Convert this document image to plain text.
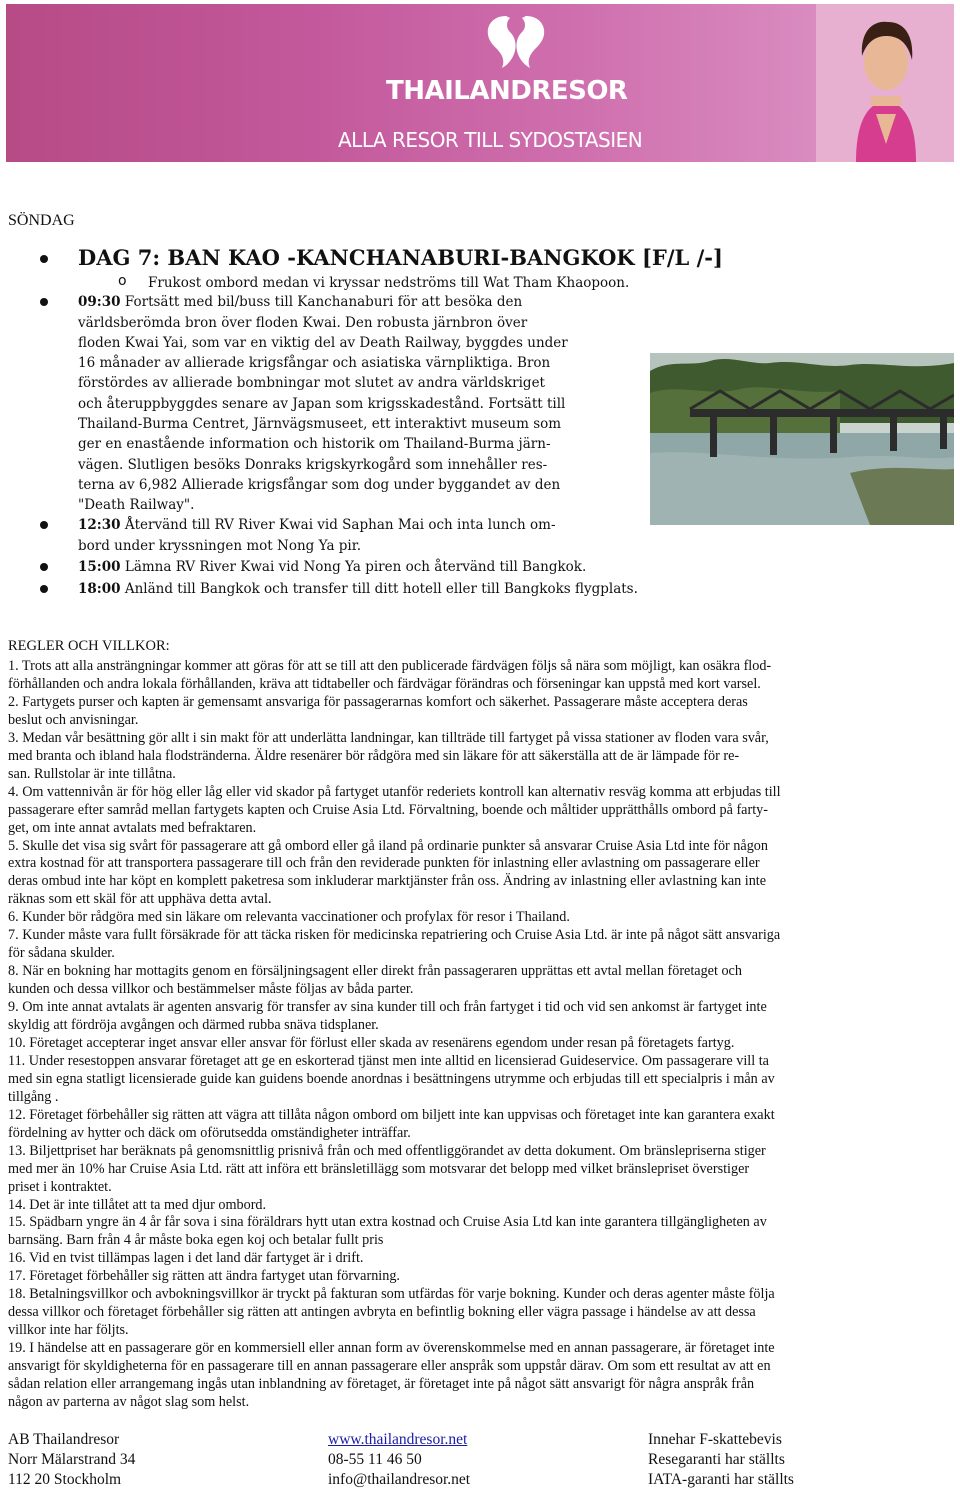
THAILANDRESOR
ALLA RESOR TILL SYDOSTASIEN
SÖNDAG
DAG 7: BAN KAO -KANCHANABURI-BANGKOK [F/L /-]
o Frukost ombord medan vi kryssar nedströms till Wat Tham Khaopoon.
09:30 Fortsätt med bil/buss till Kanchanaburi för att besöka den
världsberömda bron över floden Kwai. Den robusta järnbron över
floden Kwai Yai, som var en viktig del av Death Railway, byggdes under
16 månader av allierade krigsfångar och asiatiska värnpliktiga. Bron
förstördes av allierade bombningar mot slutet av andra världskriget
och återuppbyggdes senare av Japan som krigsskadestånd. Fortsätt till
Thailand-Burma Centret, Järnvägsmuseet, ett interaktivt museum som
ger en enastående information och historik om Thailand-Burma järn-
vägen. Slutligen besöks Donraks krigskyrkogård som innehåller res-
terna av 6,982 Allierade krigsfångar som dog under byggandet av den
"Death Railway".
12:30 Återvänd till RV River Kwai vid Saphan Mai och inta lunch om-
bord under kryssningen mot Nong Ya pir.
15:00 Lämna RV River Kwai vid Nong Ya piren och återvänd till Bangkok.
18:00 Anländ till Bangkok och transfer till ditt hotell eller till Bangkoks flygplats.
REGLER OCH VILLKOR:
1. Trots att alla ansträngningar kommer att göras för att se till att den publicerade färdvägen följs så nära som möjligt, kan osäkra flod-
förhållanden och andra lokala förhållanden, kräva att tidtabeller och färdvägar förändras och förseningar kan uppstå med kort varsel.
2. Fartygets purser och kapten är gemensamt ansvariga för passagerarnas komfort och säkerhet. Passagerare måste acceptera deras
beslut och anvisningar.
3. Medan vår besättning gör allt i sin makt för att underlätta landningar, kan tillträde till fartyget på vissa stationer av floden vara svår,
med branta och ibland hala flodstränderna. Äldre resenärer bör rådgöra med sin läkare för att säkerställa att de är lämpade för re-
san. Rullstolar är inte tillåtna.
4. Om vattennivån är för hög eller låg eller vid skador på fartyget utanför rederiets kontroll kan alternativ resväg komma att erbjudas till
passagerare efter samråd mellan fartygets kapten och Cruise Asia Ltd. Förvaltning, boende och måltider upprätthålls ombord på farty-
get, om inte annat avtalats med befraktaren.
5. Skulle det visa sig svårt för passagerare att gå ombord eller gå iland på ordinarie punkter så ansvarar Cruise Asia Ltd inte för någon
extra kostnad för att transportera passagerare till och från den reviderade punkten för inlastning eller avlastning om passagerare eller
deras ombud inte har köpt en komplett paketresa som inkluderar marktjänster från oss. Ändring av inlastning eller avlastning kan inte
räknas som ett skäl för att upphäva detta avtal.
6. Kunder bör rådgöra med sin läkare om relevanta vaccinationer och profylax för resor i Thailand.
7. Kunder måste vara fullt försäkrade för att täcka risken för medicinska repatriering och Cruise Asia Ltd. är inte på något sätt ansvariga
för sådana skulder.
8. När en bokning har mottagits genom en försäljningsagent eller direkt från passageraren upprättas ett avtal mellan företaget och
kunden och dessa villkor och bestämmelser måste följas av båda parter.
9. Om inte annat avtalats är agenten ansvarig för transfer av sina kunder till och från fartyget i tid och vid sen ankomst är fartyget inte
skyldig att fördröja avgången och därmed rubba snäva tidsplaner.
10. Företaget accepterar inget ansvar eller ansvar för förlust eller skada av resenärens egendom under resan på företagets fartyg.
11. Under resestoppen ansvarar företaget att ge en eskorterad tjänst men inte alltid en licensierad Guideservice. Om passagerare vill ta
med sin egna statligt licensierade guide kan guidens boende anordnas i besättningens utrymme och erbjudas till ett specialpris i mån av
tillgång .
12. Företaget förbehåller sig rätten att vägra att tillåta någon ombord om biljett inte kan uppvisas och företaget inte kan garantera exakt
fördelning av hytter och däck om oförutsedda omständigheter inträffar.
13. Biljettpriset har beräknats på genomsnittlig prisnivå från och med offentliggörandet av detta dokument. Om bränslepriserna stiger
med mer än 10% har Cruise Asia Ltd. rätt att införa ett bränsletillägg som motsvarar det belopp med vilket bränslepriset överstiger
priset i kontraktet.
14. Det är inte tillåtet att ta med djur ombord.
15. Spädbarn yngre än 4 år får sova i sina föräldrars hytt utan extra kostnad och Cruise Asia Ltd kan inte garantera tillgängligheten av
barnsäng. Barn från 4 år måste boka egen koj och betalar fullt pris
16. Vid en tvist tillämpas lagen i det land där fartyget är i drift.
17. Företaget förbehåller sig rätten att ändra fartyget utan förvarning.
18. Betalningsvillkor och avbokningsvillkor är tryckt på fakturan som utfärdas för varje bokning. Kunder och deras agenter måste följa
dessa villkor och företaget förbehåller sig rätten att antingen avbryta en befintlig bokning eller vägra passage i händelse av att dessa
villkor inte har följts.
19. I händelse att en passagerare gör en kommersiell eller annan form av överenskommelse med en annan passagerare, är företaget inte
ansvarigt för skyldigheterna för en passagerare till en annan passagerare eller anspråk som uppstår därav. Om som ett resultat av att en
sådan relation eller arrangemang ingås utan inblandning av företaget, är företaget inte på något sätt ansvarigt för några anspråk från
någon av parterna av något slag som helst.
AB Thailandresor
Norr Mälarstrand 34
112 20 Stockholm
www.thailandresor.net
08-55 11 46 50
info@thailandresor.net
Innehar F-skattebevis
Resegaranti har ställts
IATA-garanti har ställts
